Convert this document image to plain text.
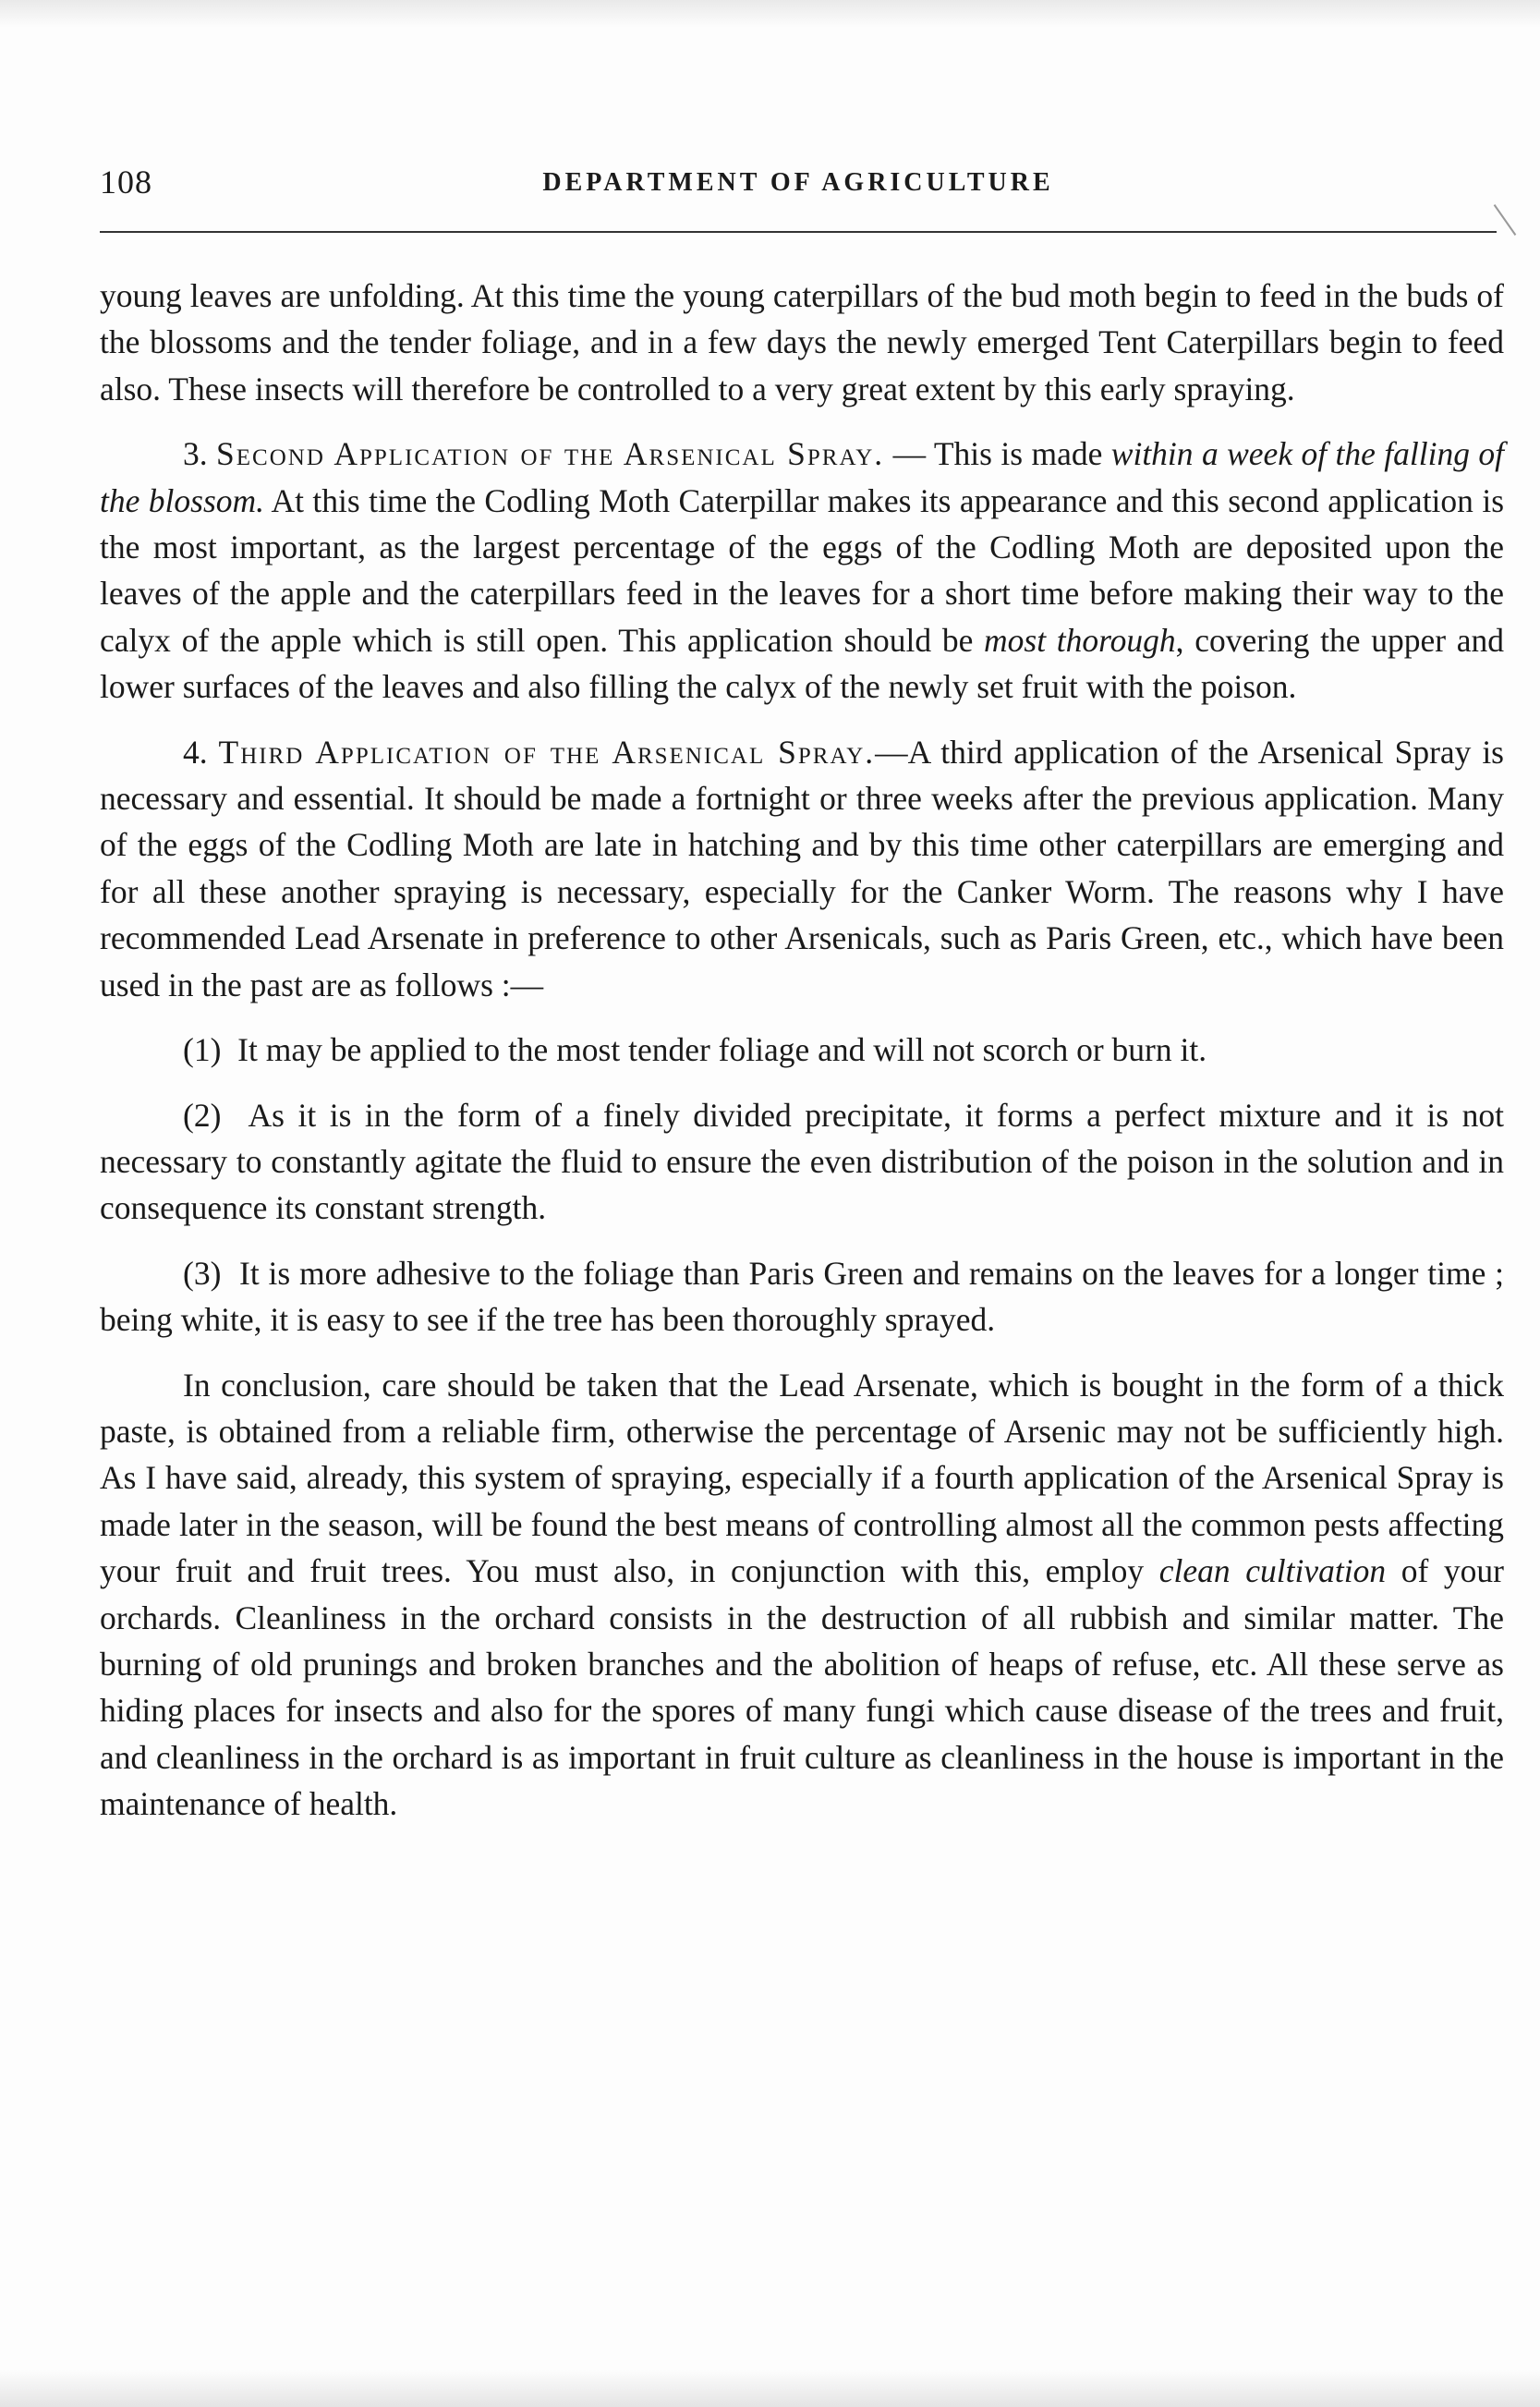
108	DEPARTMENT OF AGRICULTURE

young leaves are unfolding. At this time the young caterpillars of the bud moth begin to feed in the buds of the blossoms and the tender foliage, and in a few days the newly emerged Tent Caterpillars begin to feed also. These insects will therefore be controlled to a very great extent by this early spraying.

3. Second Application of the Arsenical Spray. — This is made within a week of the falling of the blossom. At this time the Codling Moth Caterpillar makes its appearance and this second application is the most important, as the largest percentage of the eggs of the Codling Moth are deposited upon the leaves of the apple and the caterpillars feed in the leaves for a short time before making their way to the calyx of the apple which is still open. This application should be most thorough, covering the upper and lower surfaces of the leaves and also filling the calyx of the newly set fruit with the poison.

4. Third Application of the Arsenical Spray.—A third application of the Arsenical Spray is necessary and essential. It should be made a fortnight or three weeks after the previous application. Many of the eggs of the Codling Moth are late in hatching and by this time other caterpillars are emerging and for all these another spraying is necessary, especially for the Canker Worm. The reasons why I have recommended Lead Arsenate in preference to other Arsenicals, such as Paris Green, etc., which have been used in the past are as follows :—

(1) It may be applied to the most tender foliage and will not scorch or burn it.

(2) As it is in the form of a finely divided precipitate, it forms a perfect mixture and it is not necessary to constantly agitate the fluid to ensure the even distribution of the poison in the solution and in consequence its constant strength.

(3) It is more adhesive to the foliage than Paris Green and remains on the leaves for a longer time ; being white, it is easy to see if the tree has been thoroughly sprayed.

In conclusion, care should be taken that the Lead Arsenate, which is bought in the form of a thick paste, is obtained from a reliable firm, otherwise the percentage of Arsenic may not be sufficiently high. As I have said, already, this system of spraying, especially if a fourth application of the Arsenical Spray is made later in the season, will be found the best means of controlling almost all the common pests affecting your fruit and fruit trees. You must also, in conjunction with this, employ clean cultivation of your orchards. Cleanliness in the orchard consists in the destruction of all rubbish and similar matter. The burning of old prunings and broken branches and the abolition of heaps of refuse, etc. All these serve as hiding places for insects and also for the spores of many fungi which cause disease of the trees and fruit, and cleanliness in the orchard is as important in fruit culture as cleanliness in the house is important in the maintenance of health.
